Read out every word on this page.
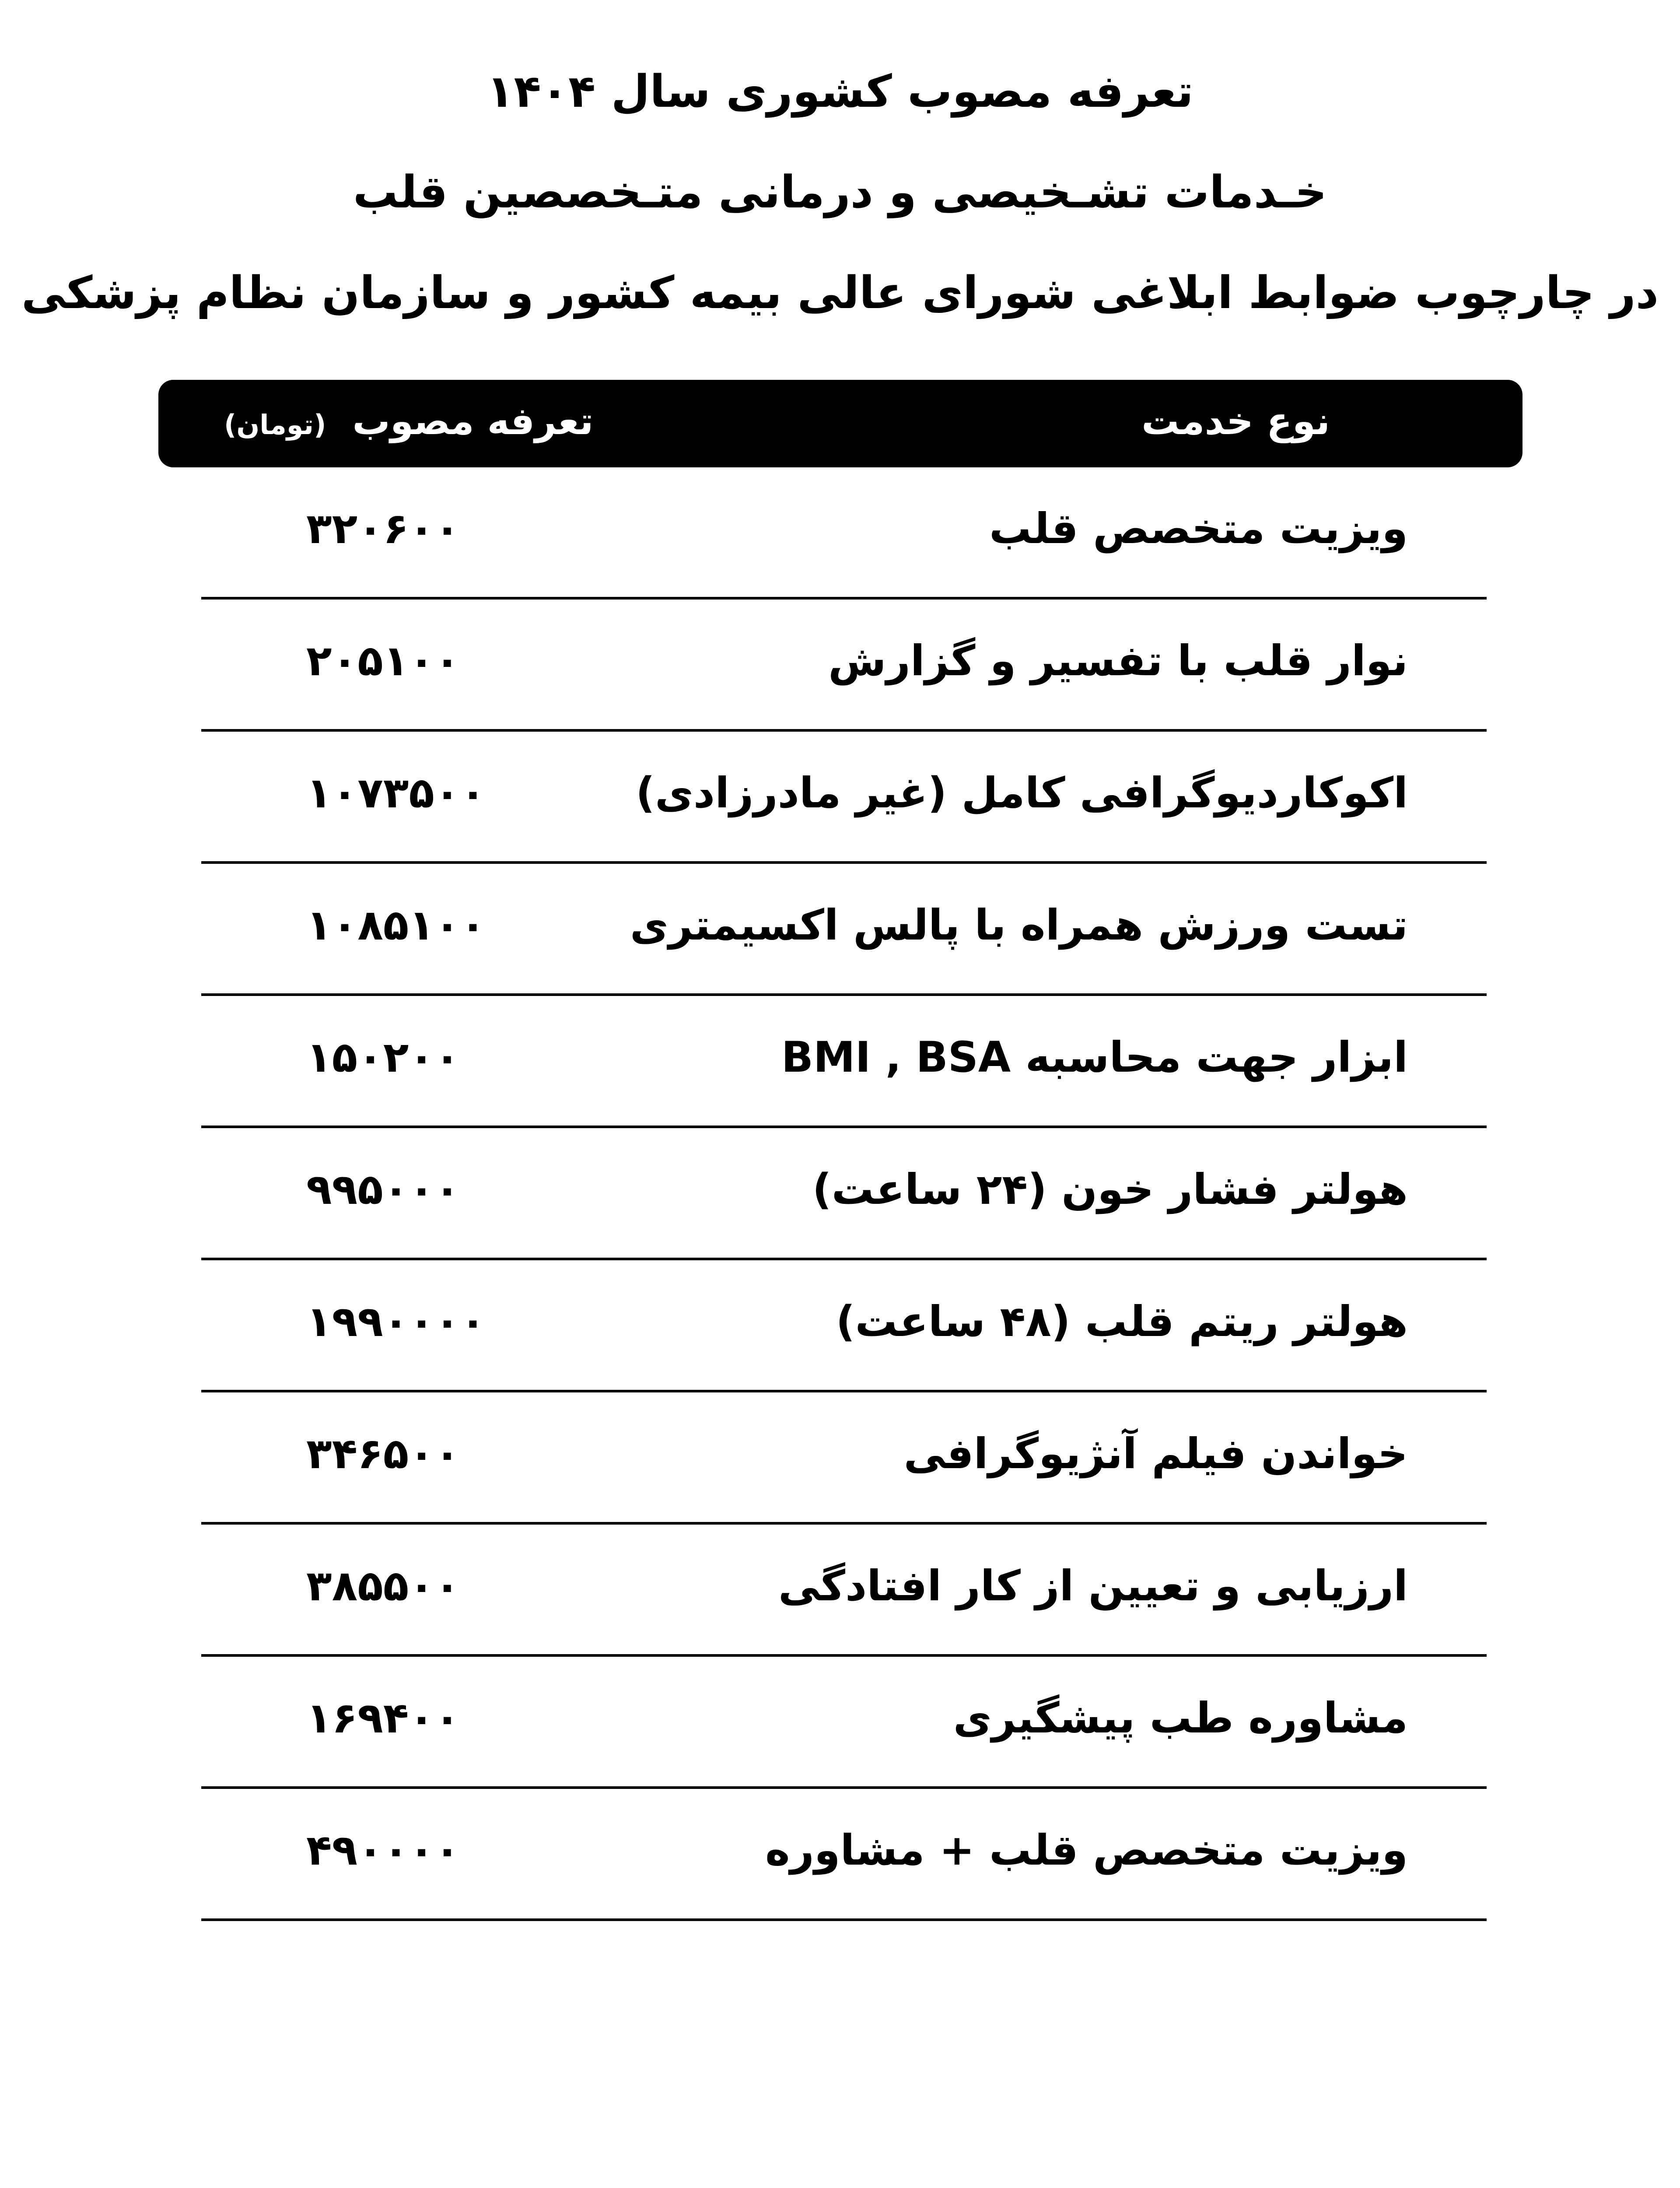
تعرفه مصوب کشوری سال ۱۴۰۴
خـدمات تشـخیصی و درمانی متـخصصین قلب
در چارچوب ضوابط ابلاغی شورای عالی بیمه کشور و سازمان نظام پزشکی
نوع خدمت
تعرفه مصوب(تومان)
ویزیت متخصص قلب
۳۲۰۶۰۰
نوار قلب با تفسیر و گزارش
۲۰۵۱۰۰
اکوکاردیوگرافی کامل (غیر مادرزادی)
۱۰۷۳۵۰۰
تست ورزش همراه با پالس اکسیمتری
۱۰۸۵۱۰۰
ابزار جهت محاسبه BMI , BSA
۱۵۰۲۰۰
هولتر فشار خون (۲۴ ساعت)
۹۹۵۰۰۰
هولتر ریتم قلب (۴۸ ساعت)
۱۹۹۰۰۰۰
خواندن فیلم آنژیوگرافی
۳۴۶۵۰۰
ارزیابی و تعیین از کار افتادگی
۳۸۵۵۰۰
مشاوره طب پیشگیری
۱۶۹۴۰۰
ویزیت متخصص قلب + مشاوره
۴۹۰۰۰۰
